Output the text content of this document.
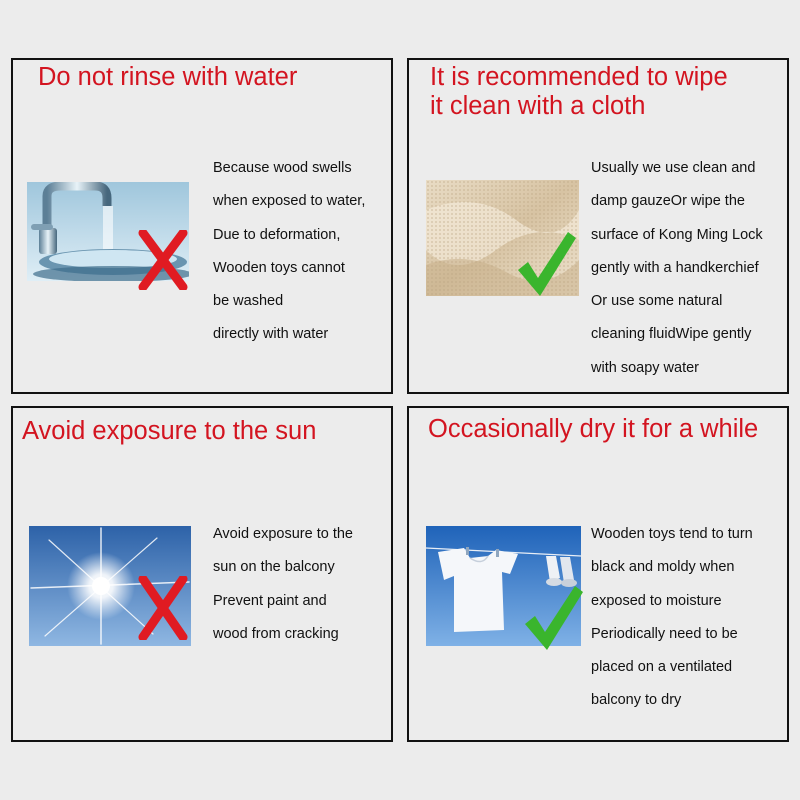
Do not rinse with water

Because wood swells
when exposed to water,
Due to deformation,
Wooden toys cannot
be washed
directly with water

It is recommended to wipe
it clean with a cloth

Usually we use clean and
damp gauzeOr wipe the
surface of Kong Ming Lock
gently with a handkerchief
Or use some natural
cleaning fluidWipe gently
with soapy water

Avoid exposure to the sun

Avoid exposure to the
sun on the balcony
Prevent paint and
wood from cracking

Occasionally dry it for a while

Wooden toys tend to turn
black and moldy when
exposed to moisture
Periodically need to be
placed on a ventilated
balcony to dry
